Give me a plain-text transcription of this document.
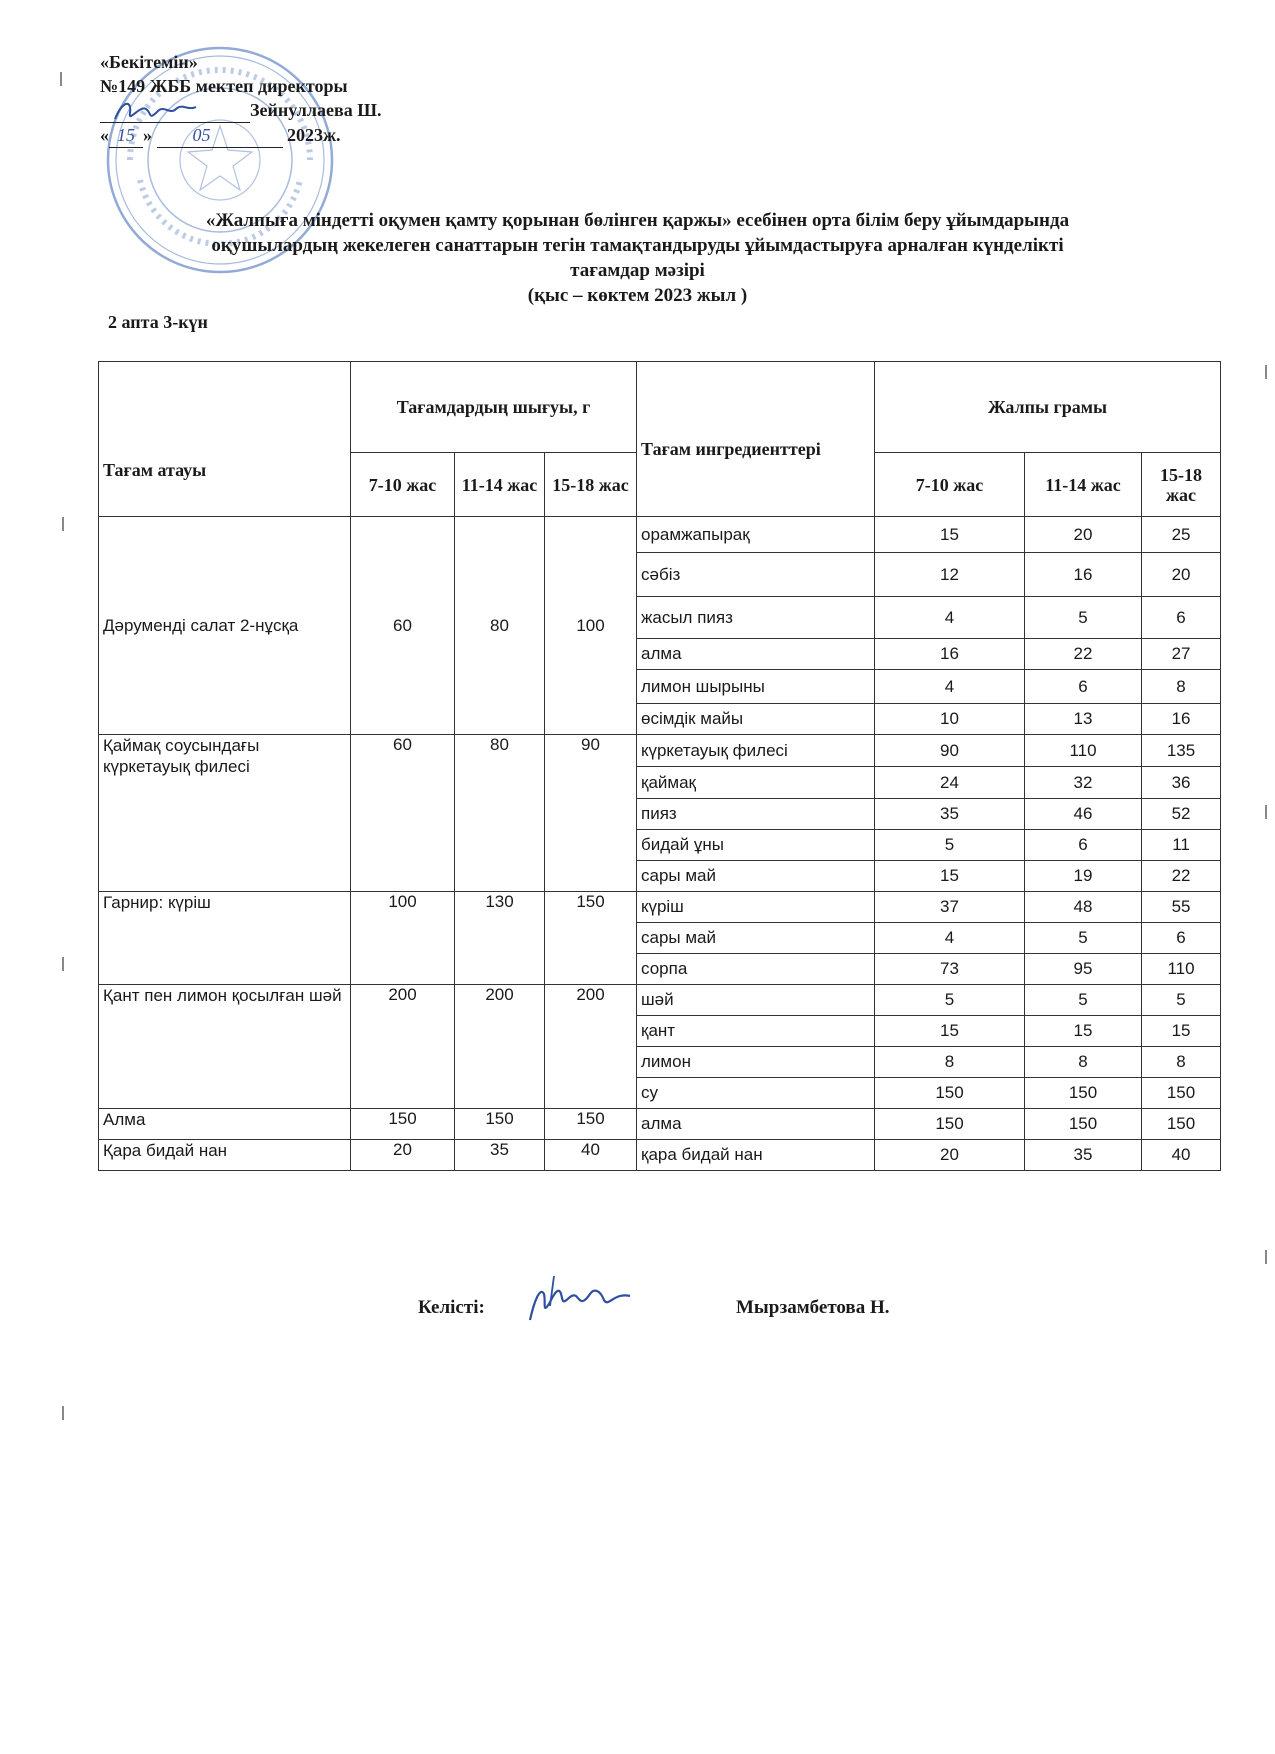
«Бекітемін»
№149 ЖББ мектеп директоры
Зейнуллаева Ш.
« 15 » 05	2023ж.
«Жалпыға міндетті оқумен қамту қорынан бөлінген қаржы» есебінен орта білім беру ұйымдарында
оқушылардың жекелеген санаттарын тегін тамақтандыруды ұйымдастыруға арналған күнделікті
тағамдар мәзірі
(қыс – көктем 2023 жыл )
2 апта 3-күн
Тағам атауы	Тағамдардың шығуы, г			Тағам ингредиенттері	Жалпы грамы		
	7-10 жас	11-14 жас	15-18 жас		7-10 жас	11-14 жас	15-18 жас
Дәруменді салат 2-нұсқа	60	80	100	орамжапырақ	15	20	25
				сәбіз	12	16	20
				жасыл пияз	4	5	6
				алма	16	22	27
				лимон шырыны	4	6	8
				өсімдік майы	10	13	16
Қаймақ соусындағы күркетауық филесі	60	80	90	күркетауық филесі	90	110	135
				қаймақ	24	32	36
				пияз	35	46	52
				бидай ұны	5	6	11
				сары май	15	19	22
Гарнир: күріш	100	130	150	күріш	37	48	55
				сары май	4	5	6
				сорпа	73	95	110
Қант пен лимон қосылған шәй	200	200	200	шәй	5	5	5
				қант	15	15	15
				лимон	8	8	8
				су	150	150	150
Алма	150	150	150	алма	150	150	150
Қара бидай нан	20	35	40	қара бидай нан	20	35	40
Келісті:	Мырзамбетова Н.
